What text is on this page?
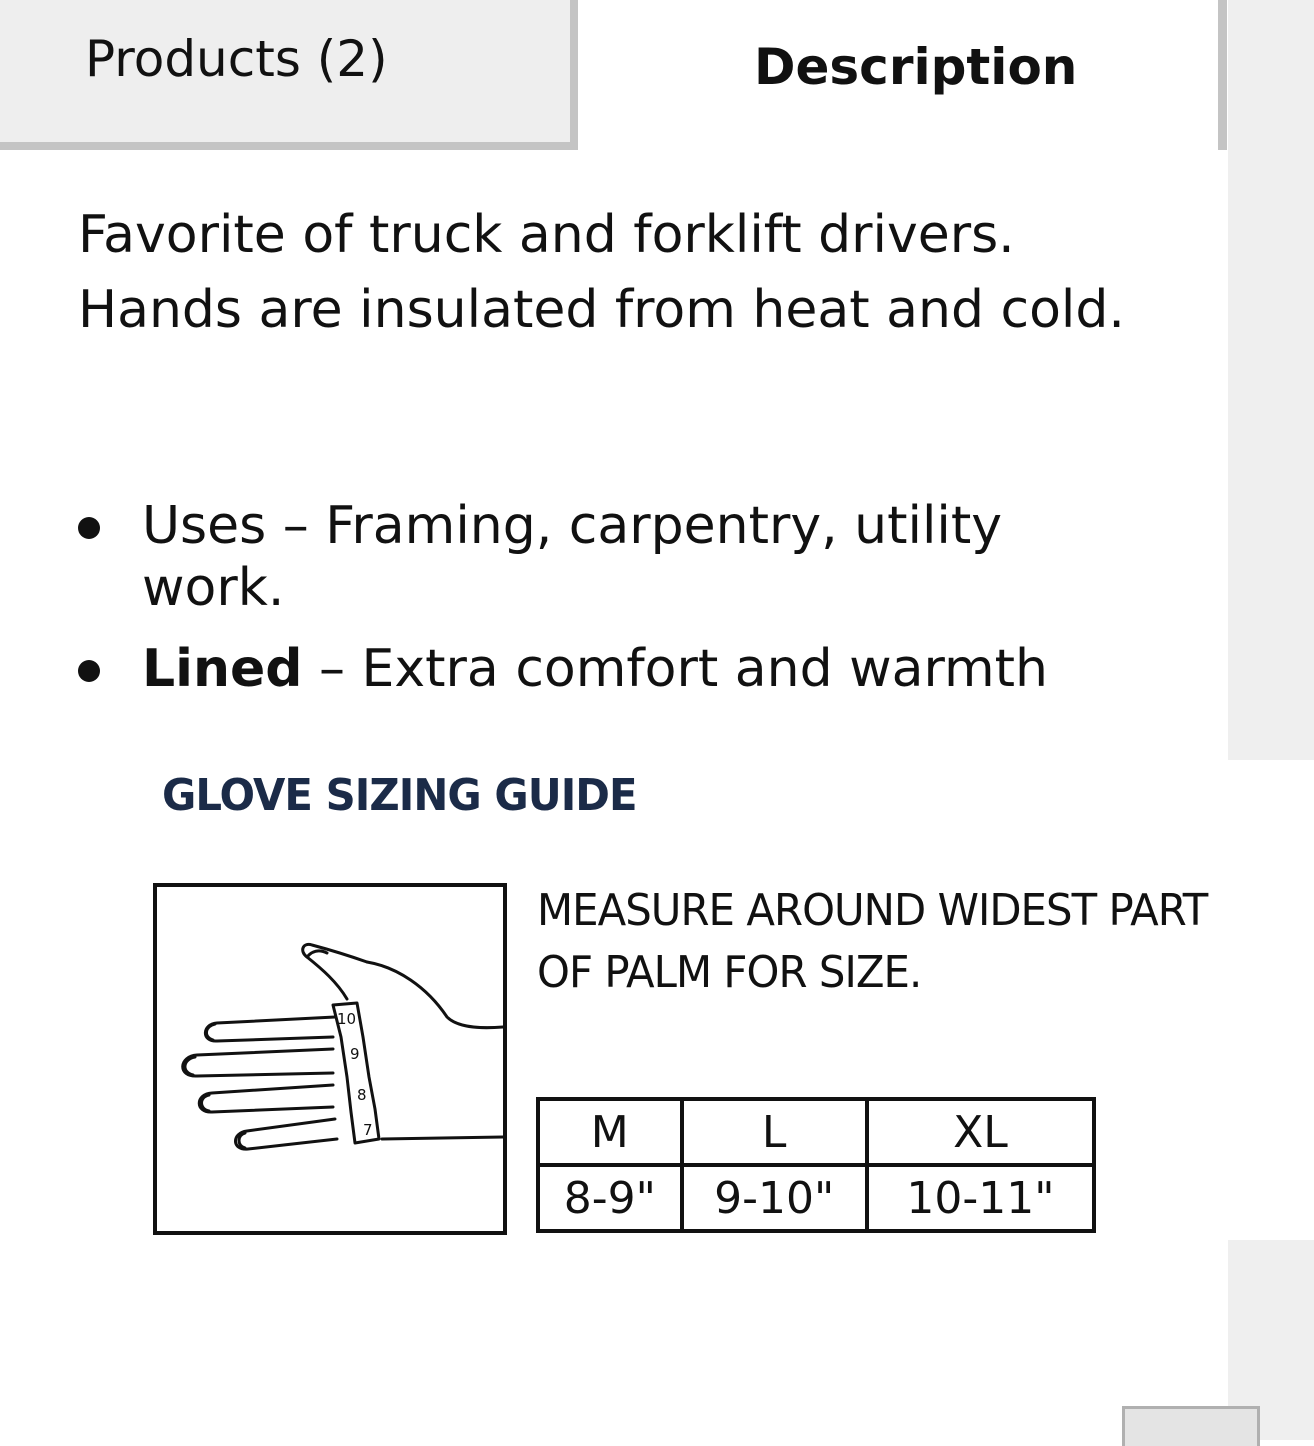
Products (2)	Description

Favorite of truck and forklift drivers. Hands are insulated from heat and cold.

Uses – Framing, carpentry, utility work.
Lined – Extra comfort and warmth
GLOVE SIZING GUIDE
10
9
8
7

MEASURE AROUND WIDEST PART OF PALM FOR SIZE.

M	L	XL
8-9"	9-10"	10-11"
